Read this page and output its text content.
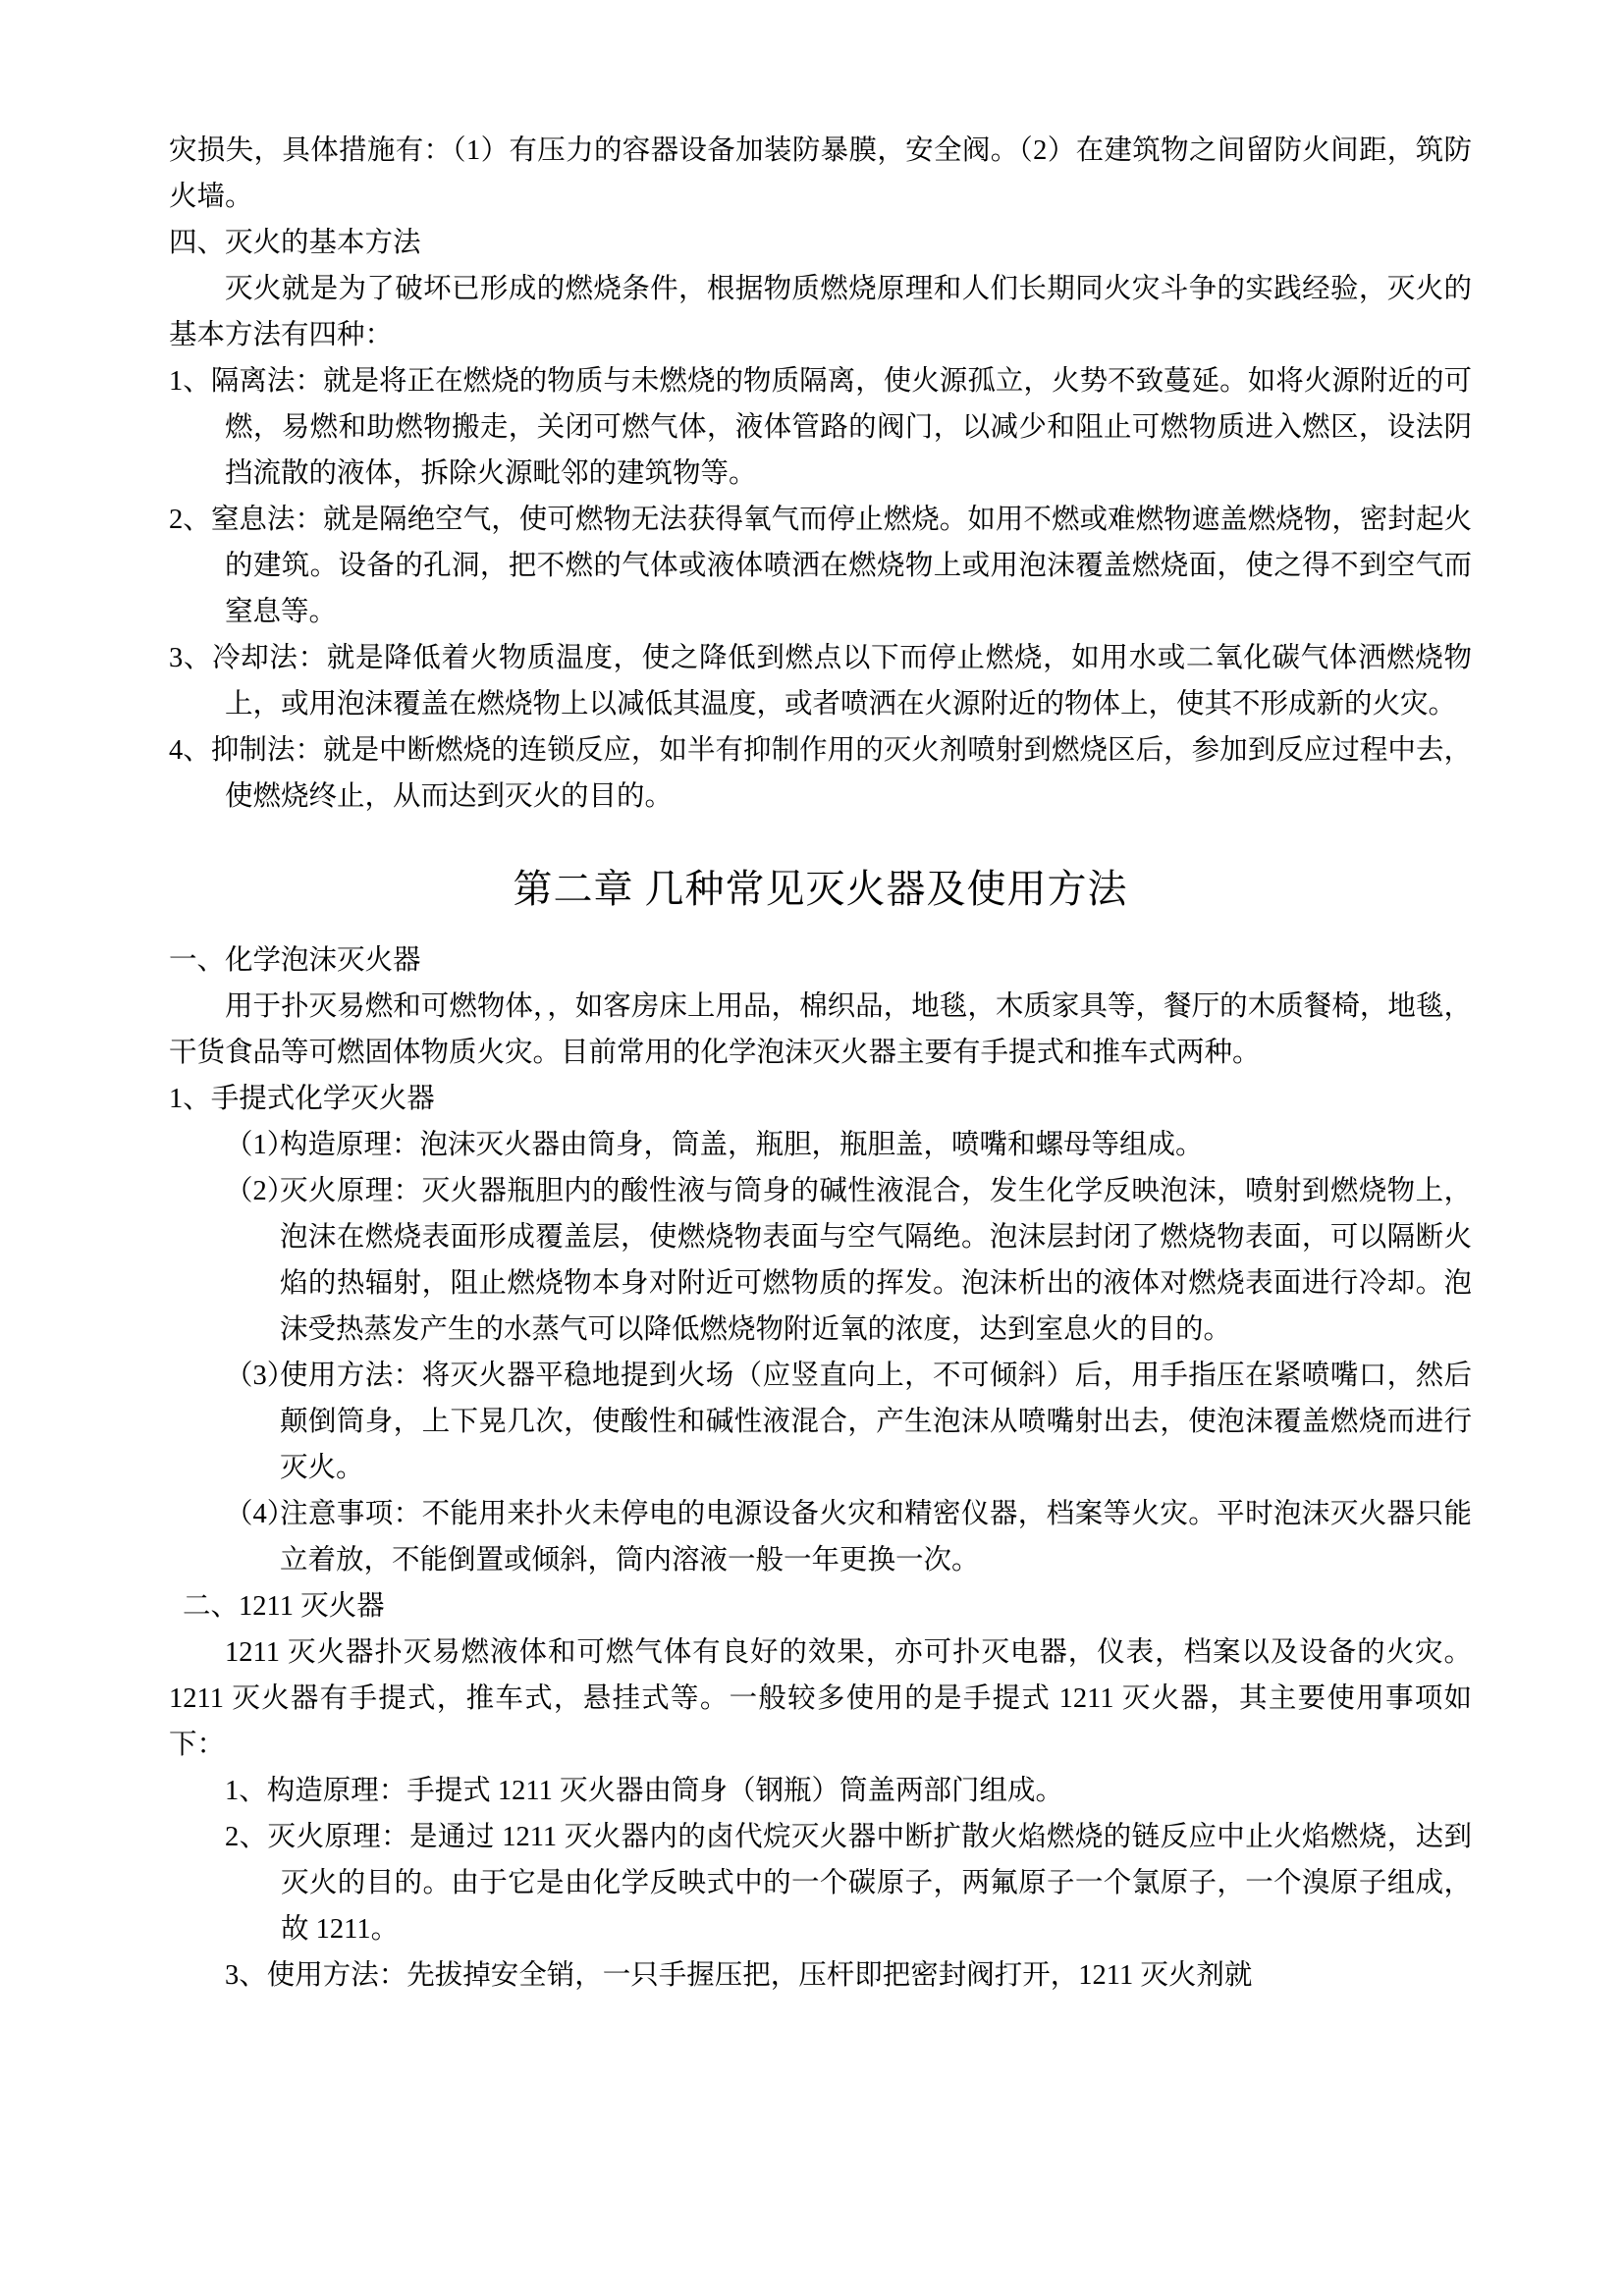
灾损失，具体措施有：（1）有压力的容器设备加装防暴膜，安全阀。（2）在建筑物之间留防火间距，筑防火墙。

四、灭火的基本方法

灭火就是为了破坏已形成的燃烧条件，根据物质燃烧原理和人们长期同火灾斗争的实践经验，灭火的基本方法有四种：

1、隔离法：就是将正在燃烧的物质与未燃烧的物质隔离，使火源孤立，火势不致蔓延。如将火源附近的可燃，易燃和助燃物搬走，关闭可燃气体，液体管路的阀门，以减少和阻止可燃物质进入燃区，设法阴挡流散的液体，拆除火源毗邻的建筑物等。

2、窒息法：就是隔绝空气，使可燃物无法获得氧气而停止燃烧。如用不燃或难燃物遮盖燃烧物，密封起火的建筑。设备的孔洞，把不燃的气体或液体喷洒在燃烧物上或用泡沫覆盖燃烧面，使之得不到空气而窒息等。

3、冷却法：就是降低着火物质温度，使之降低到燃点以下而停止燃烧，如用水或二氧化碳气体洒燃烧物上，或用泡沫覆盖在燃烧物上以减低其温度，或者喷洒在火源附近的物体上，使其不形成新的火灾。

4、抑制法：就是中断燃烧的连锁反应，如半有抑制作用的灭火剂喷射到燃烧区后，参加到反应过程中去，使燃烧终止，从而达到灭火的目的。

第二章 几种常见灭火器及使用方法

一、化学泡沫灭火器

用于扑灭易燃和可燃物体，，如客房床上用品，棉织品，地毯，木质家具等，餐厅的木质餐椅，地毯，干货食品等可燃固体物质火灾。目前常用的化学泡沫灭火器主要有手提式和推车式两种。

1、手提式化学灭火器

（1）
构造原理：泡沫灭火器由筒身，筒盖，瓶胆，瓶胆盖，喷嘴和螺母等组成。
（2）
灭火原理：灭火器瓶胆内的酸性液与筒身的碱性液混合，发生化学反映泡沫，喷射到燃烧物上，泡沫在燃烧表面形成覆盖层，使燃烧物表面与空气隔绝。泡沫层封闭了燃烧物表面，可以隔断火焰的热辐射，阻止燃烧物本身对附近可燃物质的挥发。泡沫析出的液体对燃烧表面进行冷却。泡沫受热蒸发产生的水蒸气可以降低燃烧物附近氧的浓度，达到室息火的目的。
（3）
使用方法：将灭火器平稳地提到火场（应竖直向上，不可倾斜）后，用手指压在紧喷嘴口，然后颠倒筒身，上下晃几次，使酸性和碱性液混合，产生泡沫从喷嘴射出去，使泡沫覆盖燃烧而进行灭火。
（4）
注意事项：不能用来扑火未停电的电源设备火灾和精密仪器，档案等火灾。平时泡沫灭火器只能立着放，不能倒置或倾斜，筒内溶液一般一年更换一次。

二、1211 灭火器

1211 灭火器扑灭易燃液体和可燃气体有良好的效果，亦可扑灭电器，仪表，档案以及设备的火灾。1211 灭火器有手提式，推车式，悬挂式等。一般较多使用的是手提式 1211 灭火器，其主要使用事项如下：

1、构造原理：手提式 1211 灭火器由筒身（钢瓶）筒盖两部门组成。

2、灭火原理：是通过 1211 灭火器内的卤代烷灭火器中断扩散火焰燃烧的链反应中止火焰燃烧，达到灭火的目的。由于它是由化学反映式中的一个碳原子，两氟原子一个氯原子，一个溴原子组成，故 1211。

3、使用方法：先拔掉安全销，一只手握压把，压杆即把密封阀打开，1211 灭火剂就
